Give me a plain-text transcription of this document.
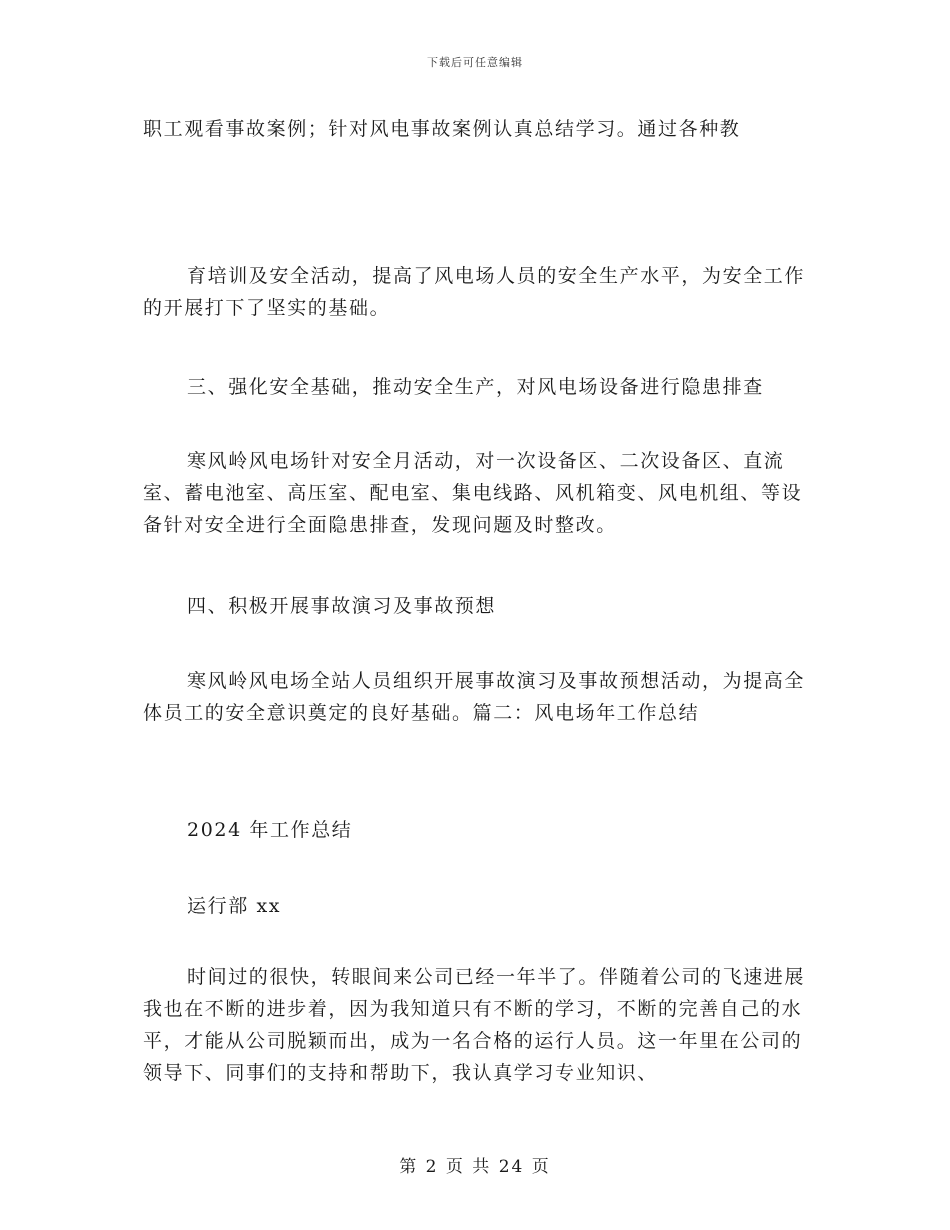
下载后可任意编辑
职工观看事故案例；针对风电事故案例认真总结学习。通过各种教
育培训及安全活动，提高了风电场人员的安全生产水平，为安全工作的开展打下了坚实的基础。
三、强化安全基础，推动安全生产，对风电场设备进行隐患排查
寒风岭风电场针对安全月活动，对一次设备区、二次设备区、直流室、蓄电池室、高压室、配电室、集电线路、风机箱变、风电机组、等设备针对安全进行全面隐患排查，发现问题及时整改。
四、积极开展事故演习及事故预想
寒风岭风电场全站人员组织开展事故演习及事故预想活动，为提高全体员工的安全意识奠定的良好基础。篇二：风电场年工作总结
2024 年工作总结
运行部 xx
时间过的很快，转眼间来公司已经一年半了。伴随着公司的飞速进展我也在不断的进步着，因为我知道只有不断的学习，不断的完善自己的水平，才能从公司脱颖而出，成为一名合格的运行人员。这一年里在公司的领导下、同事们的支持和帮助下，我认真学习专业知识、
第 2 页 共 24 页
